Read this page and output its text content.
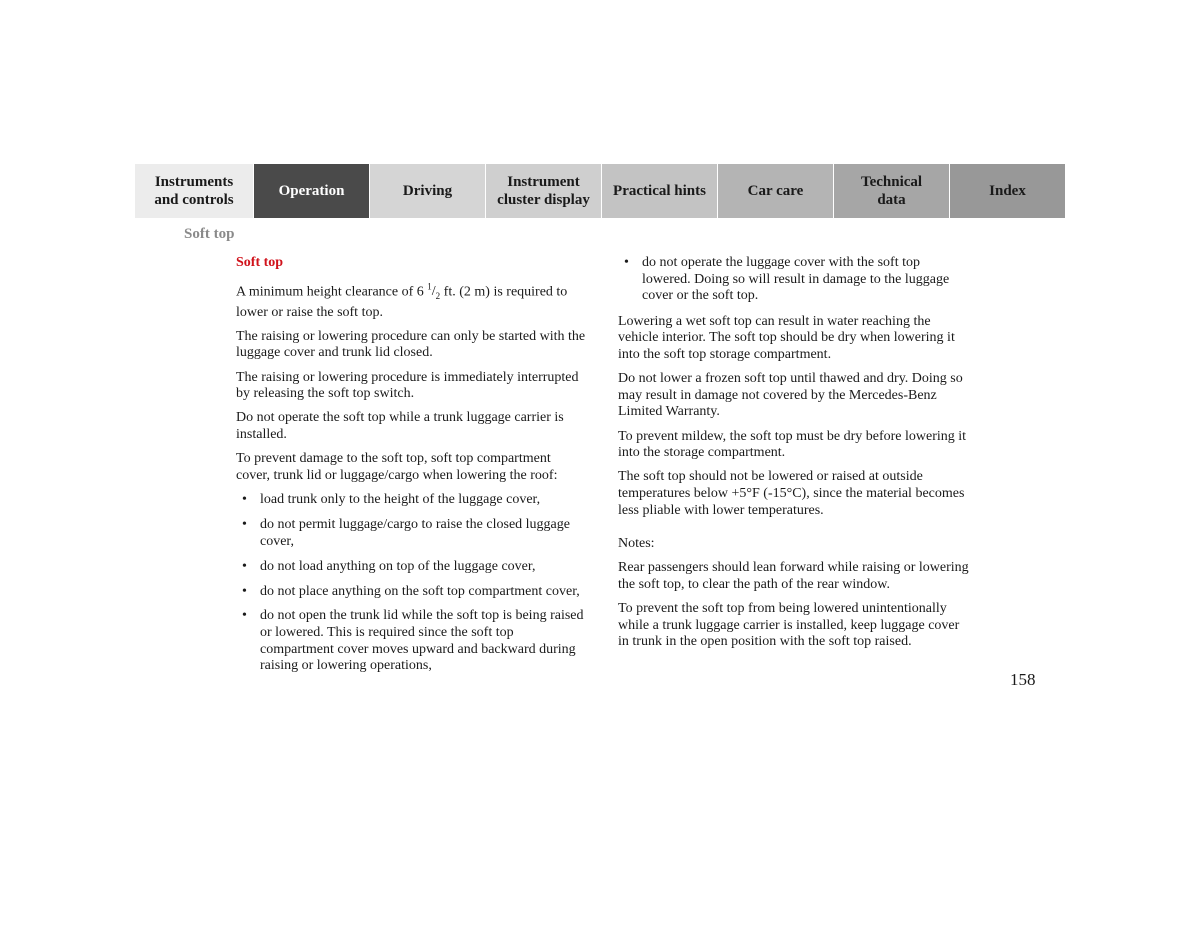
Instruments
and controls
Operation	Driving
Instrument
cluster display
Practical hints	Car care
Technical
data
Index
Soft top
Soft top

A minimum height clearance of 6 $^1/_2$ ft. (2 m) is required to lower or raise the soft top.

The raising or lowering procedure can only be started with the luggage cover and trunk lid closed.

The raising or lowering procedure is immediately interrupted by releasing the soft top switch.

Do not operate the soft top while a trunk luggage carrier is installed.

To prevent damage to the soft top, soft top compartment cover, trunk lid or luggage/cargo when lowering the roof:

• load trunk only to the height of the luggage cover,
• do not permit luggage/cargo to raise the closed luggage cover,
• do not load anything on top of the luggage cover,
• do not place anything on the soft top compartment cover,
• do not open the trunk lid while the soft top is being raised or lowered. This is required since the soft top compartment cover moves upward and backward during raising or lowering operations,
• do not operate the luggage cover with the soft top lowered. Doing so will result in damage to the luggage cover or the soft top.

Lowering a wet soft top can result in water reaching the vehicle interior. The soft top should be dry when lowering it into the soft top storage compartment.

Do not lower a frozen soft top until thawed and dry. Doing so may result in damage not covered by the Mercedes-Benz Limited Warranty.

To prevent mildew, the soft top must be dry before lowering it into the storage compartment.

The soft top should not be lowered or raised at outside temperatures below +5°F (-15°C), since the material becomes less pliable with lower temperatures.

Notes:

Rear passengers should lean forward while raising or lowering the soft top, to clear the path of the rear window.

To prevent the soft top from being lowered unintentionally while a trunk luggage carrier is installed, keep luggage cover in trunk in the open position with the soft top raised.

158
